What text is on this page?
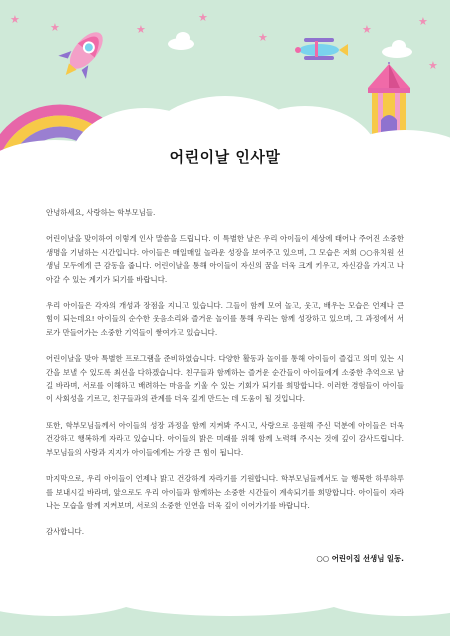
★
★	★
★
★
★
★
★
어린이날 인사말

안녕하세요, 사랑하는 학부모님들.

어린이날을 맞이하여 이렇게 인사 말씀을 드립니다. 이 특별한 날은 우리 아이들이 세상에 태어나 주어진 소중한 생명을 기념하는 시간입니다. 아이들은 매일매일 놀라운 성장을 보여주고 있으며, 그 모습은 저희 ○○유치원 선생님 모두에게 큰 감동을 줍니다. 어린이날을 통해 아이들이 자신의 꿈을 더욱 크게 키우고, 자신감을 가지고 나아갈 수 있는 계기가 되기를 바랍니다.

우리 아이들은 각자의 개성과 장점을 지니고 있습니다. 그들이 함께 모여 놀고, 웃고, 배우는 모습은 언제나 큰 힘이 되는데요! 아이들의 순수한 웃음소리와 즐거운 놀이를 통해 우리는 함께 성장하고 있으며, 그 과정에서 서로가 만들어가는 소중한 기억들이 쌓여가고 있습니다.

어린이날을 맞아 특별한 프로그램을 준비하였습니다. 다양한 활동과 놀이를 통해 아이들이 즐겁고 의미 있는 시간을 보낼 수 있도록 최선을 다하겠습니다. 친구들과 함께하는 즐거운 순간들이 아이들에게 소중한 추억으로 남길 바라며, 서로를 이해하고 배려하는 마음을 키울 수 있는 기회가 되기를 희망합니다. 이러한 경험들이 아이들이 사회성을 기르고, 친구들과의 관계를 더욱 깊게 만드는 데 도움이 될 것입니다.

또한, 학부모님들께서 아이들의 성장 과정을 함께 지켜봐 주시고, 사랑으로 응원해 주신 덕분에 아이들은 더욱 건강하고 행복하게 자라고 있습니다. 아이들의 밝은 미래를 위해 함께 노력해 주시는 것에 깊이 감사드립니다. 부모님들의 사랑과 지지가 아이들에게는 가장 큰 힘이 됩니다.

마지막으로, 우리 아이들이 언제나 밝고 건강하게 자라기를 기원합니다. 학부모님들께서도 늘 행복한 하루하루를 보내시길 바라며, 앞으로도 우리 아이들과 함께하는 소중한 시간들이 계속되기를 희망합니다. 아이들이 자라나는 모습을 함께 지켜보며, 서로의 소중한 인연을 더욱 깊이 이어가기를 바랍니다.

감사합니다.

○○ 어린이집 선생님 일동.
